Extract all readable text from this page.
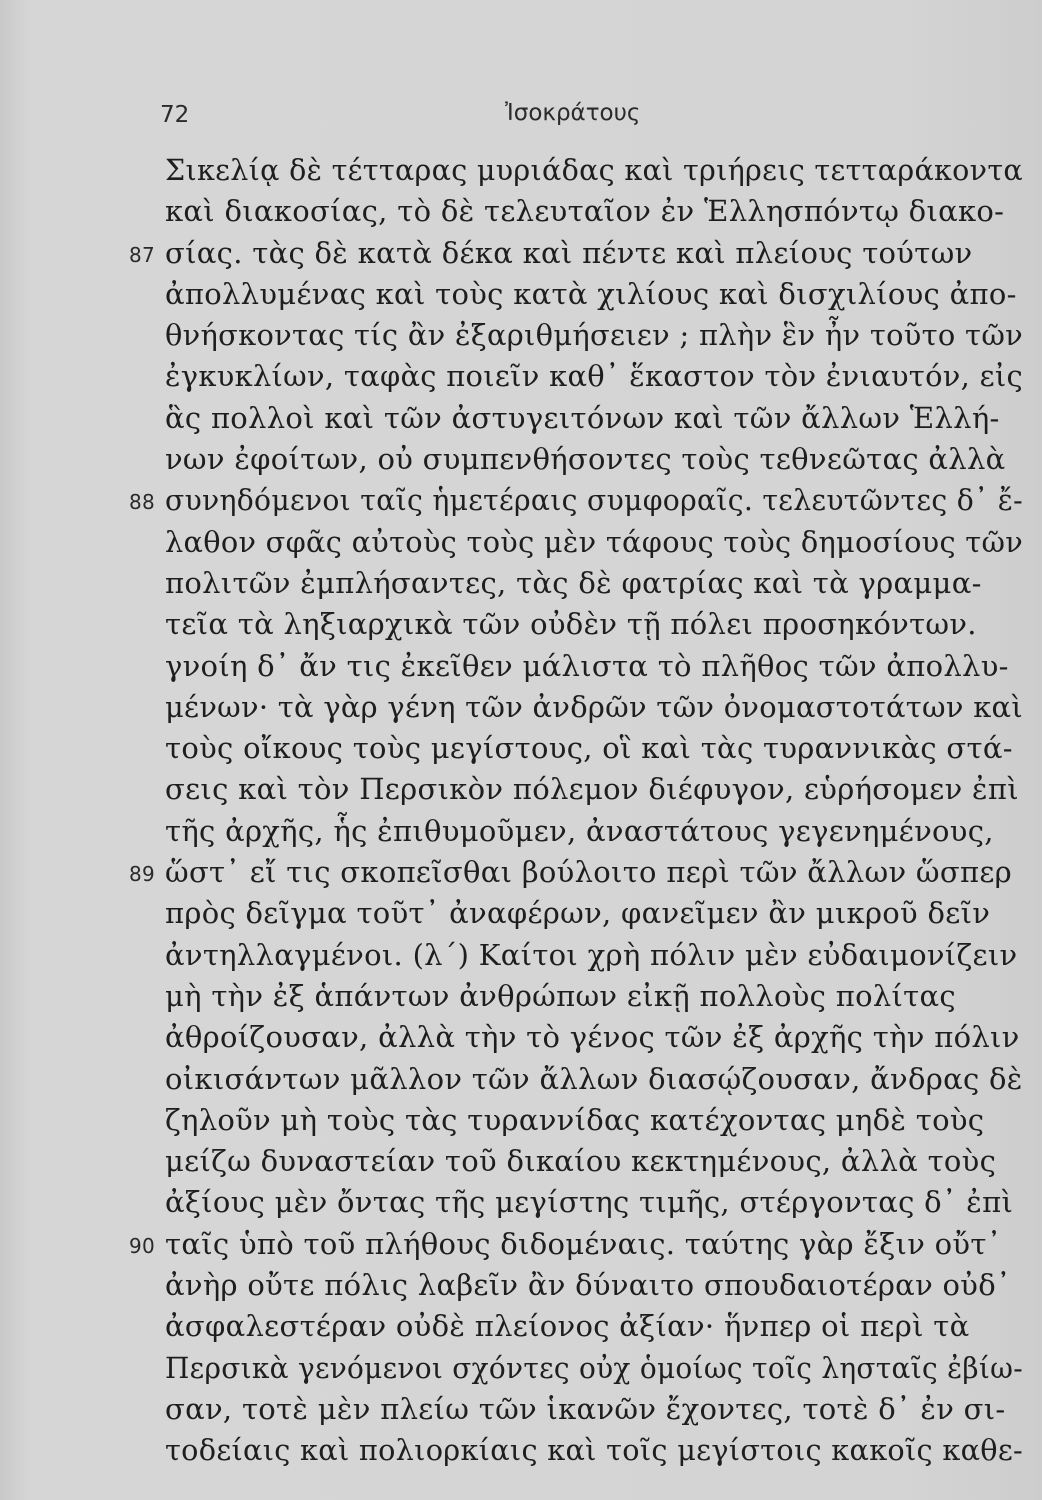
72	Ἰσοκράτους
Σικελίᾳ δὲ τέτταρας μυριάδας καὶ τριήρεις τετταράκοντα
καὶ διακοσίας, τὸ δὲ τελευταῖον ἐν Ἑλλησπόντῳ διακο-
87 σίας. τὰς δὲ κατὰ δέκα καὶ πέντε καὶ πλείους τούτων
ἀπολλυμένας καὶ τοὺς κατὰ χιλίους καὶ δισχιλίους ἀπο-
θνήσκοντας τίς ἂν ἐξαριθμήσειεν ; πλὴν ἓν ἦν τοῦτο τῶν
ἐγκυκλίων, ταφὰς ποιεῖν καθ᾽ ἕκαστον τὸν ἐνιαυτόν, εἰς
ἃς πολλοὶ καὶ τῶν ἀστυγειτόνων καὶ τῶν ἄλλων Ἑλλή-
νων ἐφοίτων, οὐ συμπενθήσοντες τοὺς τεθνεῶτας ἀλλὰ
88 συνηδόμενοι ταῖς ἡμετέραις συμφοραῖς. τελευτῶντες δ᾽ ἔ-
λαθον σφᾶς αὐτοὺς τοὺς μὲν τάφους τοὺς δημοσίους τῶν
πολιτῶν ἐμπλήσαντες, τὰς δὲ φατρίας καὶ τὰ γραμμα-
τεῖα τὰ ληξιαρχικὰ τῶν οὐδὲν τῇ πόλει προσηκόντων.
γνοίη δ᾽ ἄν τις ἐκεῖθεν μάλιστα τὸ πλῆθος τῶν ἀπολλυ-
μένων· τὰ γὰρ γένη τῶν ἀνδρῶν τῶν ὀνομαστοτάτων καὶ
τοὺς οἴκους τοὺς μεγίστους, οἳ καὶ τὰς τυραννικὰς στά-
σεις καὶ τὸν Περσικὸν πόλεμον διέφυγον, εὑρήσομεν ἐπὶ
τῆς ἀρχῆς, ἧς ἐπιθυμοῦμεν, ἀναστάτους γεγενημένους,
89 ὥστ᾽ εἴ τις σκοπεῖσθαι βούλοιτο περὶ τῶν ἄλλων ὥσπερ
πρὸς δεῖγμα τοῦτ᾽ ἀναφέρων, φανεῖμεν ἂν μικροῦ δεῖν
ἀντηλλαγμένοι. (λ΄) Καίτοι χρὴ πόλιν μὲν εὐδαιμονίζειν
μὴ τὴν ἐξ ἁπάντων ἀνθρώπων εἰκῇ πολλοὺς πολίτας
ἀθροίζουσαν, ἀλλὰ τὴν τὸ γένος τῶν ἐξ ἀρχῆς τὴν πόλιν
οἰκισάντων μᾶλλον τῶν ἄλλων διασῴζουσαν, ἄνδρας δὲ
ζηλοῦν μὴ τοὺς τὰς τυραννίδας κατέχοντας μηδὲ τοὺς
μείζω δυναστείαν τοῦ δικαίου κεκτημένους, ἀλλὰ τοὺς
ἀξίους μὲν ὄντας τῆς μεγίστης τιμῆς, στέργοντας δ᾽ ἐπὶ
90 ταῖς ὑπὸ τοῦ πλήθους διδομέναις. ταύτης γὰρ ἔξιν οὔτ᾽
ἀνὴρ οὔτε πόλις λαβεῖν ἂν δύναιτο σπουδαιοτέραν οὐδ᾽
ἀσφαλεστέραν οὐδὲ πλείονος ἀξίαν· ἥνπερ οἱ περὶ τὰ
Περσικὰ γενόμενοι σχόντες οὐχ ὁμοίως τοῖς λησταῖς ἐβίω-
σαν, τοτὲ μὲν πλείω τῶν ἱκανῶν ἔχοντες, τοτὲ δ᾽ ἐν σι-
τοδείαις καὶ πολιορκίαις καὶ τοῖς μεγίστοις κακοῖς καθε-
